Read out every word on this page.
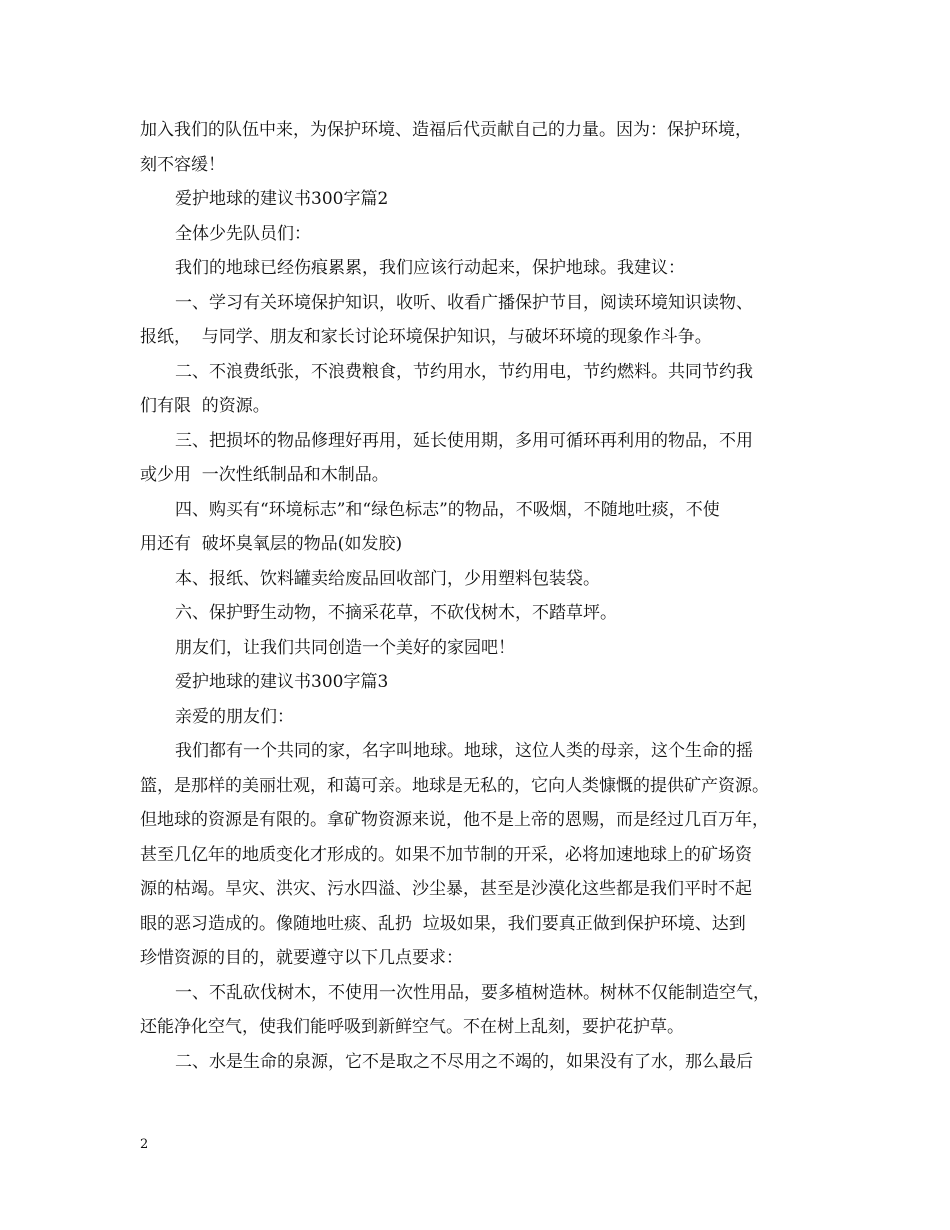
加入我们的队伍中来，为保护环境、造福后代贡献自己的力量。因为：保护环境，
刻不容缓！
爱护地球的建议书300字篇2
全体少先队员们：
我们的地球已经伤痕累累，我们应该行动起来，保护地球。我建议：
一、学习有关环境保护知识，收听、收看广播保护节目，阅读环境知识读物、
报纸，  与同学、朋友和家长讨论环境保护知识，与破坏环境的现象作斗争。
二、不浪费纸张，不浪费粮食，节约用水，节约用电，节约燃料。共同节约我
们有限  的资源。
三、把损坏的物品修理好再用，延长使用期，多用可循环再利用的物品，不用
或少用  一次性纸制品和木制品。
四、购买有“环境标志”和“绿色标志”的物品，不吸烟，不随地吐痰，不使
用还有  破坏臭氧层的物品(如发胶)
本、报纸、饮料罐卖给废品回收部门，少用塑料包装袋。
六、保护野生动物，不摘采花草，不砍伐树木，不踏草坪。
朋友们，让我们共同创造一个美好的家园吧！
爱护地球的建议书300字篇3
亲爱的朋友们：
我们都有一个共同的家，名字叫地球。地球，这位人类的母亲，这个生命的摇
篮，是那样的美丽壮观，和蔼可亲。地球是无私的，它向人类慷慨的提供矿产资源。
但地球的资源是有限的。拿矿物资源来说，他不是上帝的恩赐，而是经过几百万年，
甚至几亿年的地质变化才形成的。如果不加节制的开采，必将加速地球上的矿场资
源的枯竭。旱灾、洪灾、污水四溢、沙尘暴，甚至是沙漠化这些都是我们平时不起
眼的恶习造成的。像随地吐痰、乱扔  垃圾如果，我们要真正做到保护环境、达到
珍惜资源的目的，就要遵守以下几点要求：
一、不乱砍伐树木，不使用一次性用品，要多植树造林。树林不仅能制造空气，
还能净化空气，使我们能呼吸到新鲜空气。不在树上乱刻，要护花护草。
二、水是生命的泉源，它不是取之不尽用之不竭的，如果没有了水，那么最后
2
